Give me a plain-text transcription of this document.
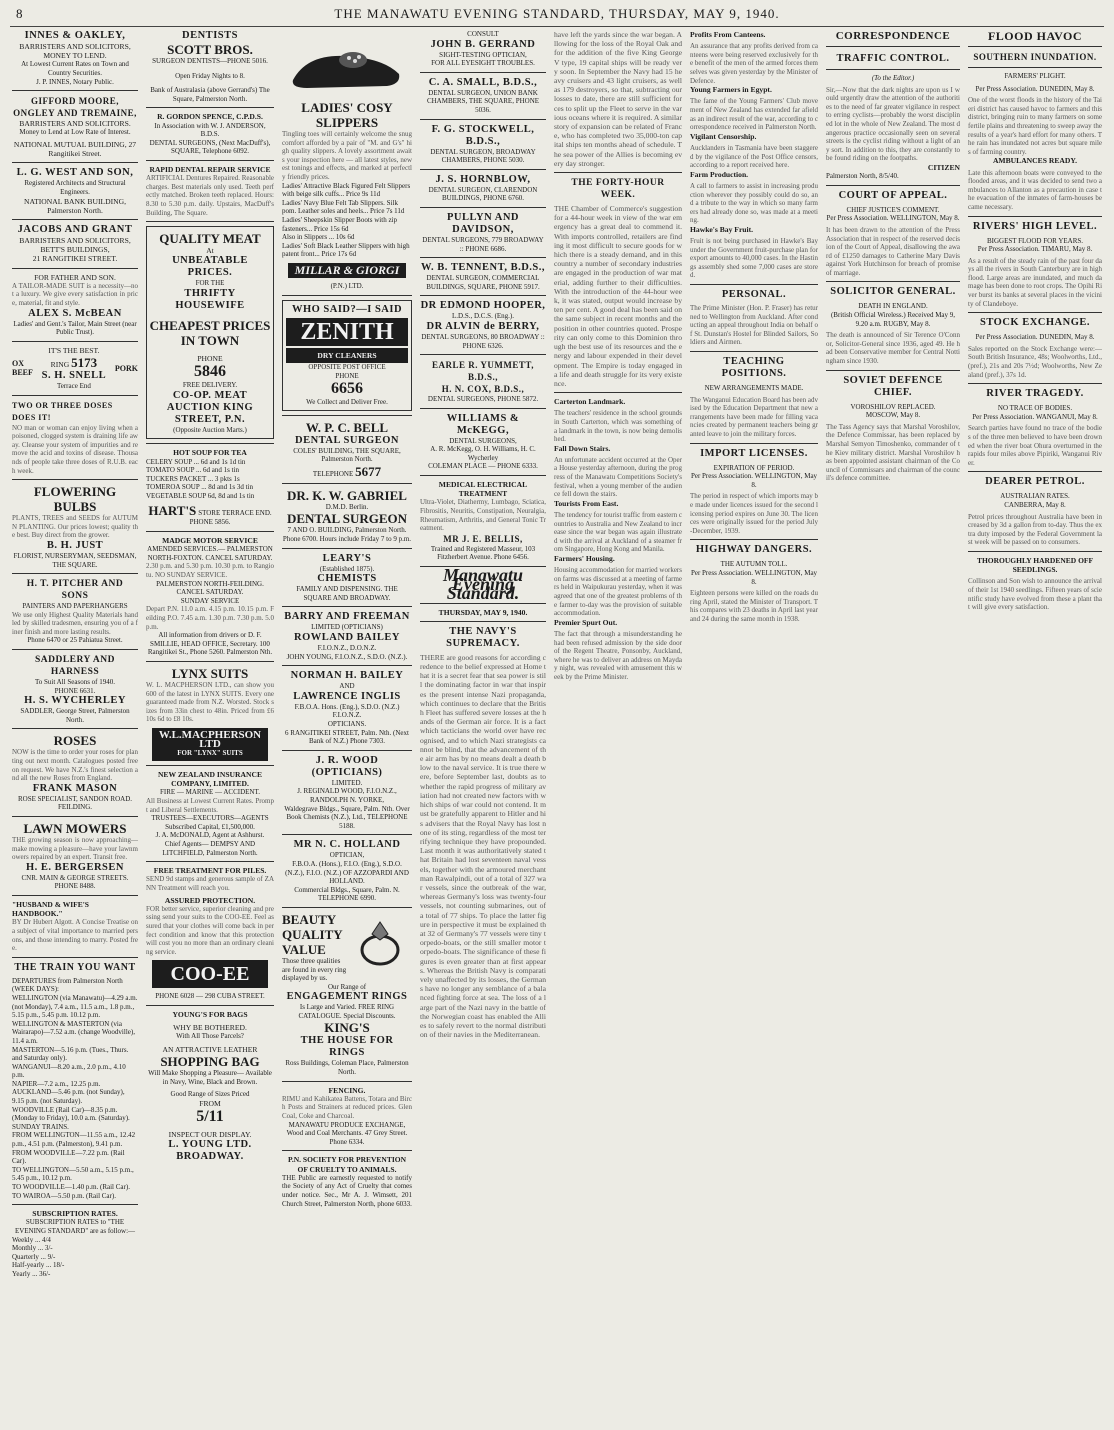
8	THE MANAWATU EVENING STANDARD, THURSDAY, MAY 9, 1940.
INNES & OAKLEY,
BARRISTERS AND SOLICITORS, MONEY TO LEND.
At Lowest Current Rates on Town and Country Securities.
J. P. INNES, Notary Public.
GIFFORD MOORE, ONGLEY AND TREMAINE,
BARRISTERS AND SOLICITORS.
Money to Lend at Low Rate of Interest.
NATIONAL MUTUAL BUILDING, 27 Rangitikei Street.
L. G. WEST AND SON,
Registered Architects and Structural Engineers.
NATIONAL BANK BUILDING, Palmerston North.
JACOBS AND GRANT
BARRISTERS AND SOLICITORS,
BETT'S BUILDINGS,
21 RANGITIKEI STREET.
FOR FATHER AND SON.
A TAILOR-MADE SUIT is a necessity—not a luxury. We give every satisfaction in price, material, fit and style.
ALEX S. McBEAN
Ladies' and Gent.'s Tailor, Main Street (near Public Trust).
OX
BEEF
IT'S THE BEST.
RING 5173
S. H. SNELL
Terrace End
PORK
TWO OR THREE DOSES DOES IT!
NO man or woman can enjoy living when a poisoned, clogged system is draining life away. Cleanse your system of impurities and remove the acid and toxins of disease. Thousands of people take three doses of R.U.B. each week.
FLOWERING BULBS
PLANTS, TREES and SEEDS for AUTUMN PLANTING. Our prices lowest; quality the best. Buy direct from the grower.
B. H. JUST
FLORIST, NURSERYMAN, SEEDSMAN, THE SQUARE.
H. T. PITCHER AND SONS
PAINTERS AND PAPERHANGERS
We use only Highest Quality Materials handled by skilled tradesmen, ensuring you of a finer finish and more lasting results.
Phone 6470 or 25 Pahiatua Street.
SADDLERY AND HARNESS
To Suit All Seasons of 1940.
PHONE 6631.
H. S. WYCHERLEY
SADDLER, George Street, Palmerston North.
ROSES
NOW is the time to order your roses for planting out next month. Catalogues posted free on request. We have N.Z.'s finest selection and all the new Roses from England.
FRANK MASON
ROSE SPECIALIST, SANDON ROAD. FEILDING.
LAWN MOWERS
THE growing season is now approaching—make mowing a pleasure—have your lawnmowers repaired by an expert. Transit free.
H. E. BERGERSEN
CNR. MAIN & GEORGE STREETS. PHONE 8488.
"HUSBAND & WIFE'S HANDBOOK."
BY Dr Hubert Algott. A Concise Treatise on a subject of vital importance to married persons, and those intending to marry. Posted free.
THE TRAIN YOU WANT
DEPARTURES from Palmerston North (WEEK DAYS):
WELLINGTON (via Manawatu)—4.29 a.m. (not Monday), 7.4 a.m., 11.5 a.m., 1.8 p.m., 5.15 p.m., 5.45 p.m. 10.12 p.m.
WELLINGTON & MASTERTON (via Wairarapo)—7.52 a.m. (change Woodville), 11.4 a.m.
MASTERTON—5.16 p.m. (Tues., Thurs. and Saturday only).
WANGANUI—8.20 a.m., 2.0 p.m., 4.10 p.m.
NAPIER—7.2 a.m., 12.25 p.m.
AUCKLAND—5.46 p.m. (not Sunday), 9.15 p.m. (not Saturday).
WOODVILLE (Rail Car)—8.35 p.m. (Monday to Friday), 10.0 a.m. (Saturday).
SUNDAY TRAINS.
FROM WELLINGTON—11.55 a.m., 12.42 p.m., 4.51 p.m. (Palmerston), 9.41 p.m.
FROM WOODVILLE—7.22 p.m. (Rail Car).
TO WELLINGTON—5.50 a.m., 5.15 p.m., 5.45 p.m., 10.12 p.m.
TO WOODVILLE—1.40 p.m. (Rail Car).
TO WAIROA—5.50 p.m. (Rail Car).
SUBSCRIPTION RATES.
SUBSCRIPTION RATES to "THE EVENING STANDARD" are as follow:—
Weekly ... 4/4
Monthly ... 3/-
Quarterly ... 9/-
Half-yearly ... 18/-
Yearly ... 36/-
DENTISTS
SCOTT BROS.
SURGEON DENTISTS—PHONE 5016.
Open Friday Nights to 8.
Bank of Australasia (above Gerrand's) The Square, Palmerston North.
R. GORDON SPENCE, C.P.D.S.
In Association with W. J. ANDERSON, B.D.S.
DENTAL SURGEONS, (Next MacDuff's), SQUARE, Telephone 6092.
RAPID DENTAL REPAIR SERVICE
ARTIFICIAL Dentures Repaired. Reasonable charges. Best materials only used. Teeth perfectly matched. Broken teeth replaced. Hours: 8.30 to 5.30 p.m. daily. Upstairs, MacDuff's Building, The Square.
QUALITY MEAT
At
UNBEATABLE PRICES.
FOR THE
THRIFTY HOUSEWIFE
CHEAPEST PRICES IN TOWN
PHONE
5846
FREE DELIVERY.
CO-OP. MEAT AUCTION KING STREET, P.N.
(Opposite Auction Marts.)
HOT SOUP FOR TEA
CELERY SOUP ... 6d and 1s 1d tin
TOMATO SOUP ... 6d and 1s tin
TUCKERS PACKET ... 3 pkts 1s
TOMEROA SOUP ... 8d and 1s 3d tin
VEGETABLE SOUP 6d, 8d and 1s tin
HART'S STORE TERRACE END.
PHONE 5856.
MADGE MOTOR SERVICE
AMENDED SERVICES.— PALMERSTON NORTH-FOXTON. CANCEL SATURDAY.
2.30 p.m. and 5.30 p.m. 10.30 p.m. to Rangiotu. NO SUNDAY SERVICE.
PALMERSTON NORTH-FEILDING. CANCEL SATURDAY.
SUNDAY SERVICE
Depart P.N. 11.0 a.m. 4.15 p.m. 10.15 p.m. Feilding P.O. 7.45 a.m. 1.30 p.m. 7.30 p.m. 5.0 p.m.
All information from drivers or D. F. SMILLIE, HEAD OFFICE, Secretary. 100 Rangitikei St., Phone 5260. Palmerston Nth.
LYNX SUITS
W. L. MACPHERSON LTD., can show you 600 of the latest in LYNX SUITS. Every one guaranteed made from N.Z. Worsted. Stock sizes from 33in chest to 48in. Priced from £6 10s 6d to £8 10s.
W.L.MACPHERSON LTD
FOR "LYNX" SUITS
NEW ZEALAND INSURANCE COMPANY, LIMITED.
FIRE — MARINE — ACCIDENT.
All Business at Lowest Current Rates. Prompt and Liberal Settlements.
TRUSTEES—EXECUTORS—AGENTS
Subscribed Capital, £1,500,000.
J. A. McDONALD, Agent at Ashhurst.
Chief Agents— DEMPSY AND LITCHFIELD, Palmerston North.
FREE TREATMENT FOR PILES.
SEND 9d stamps and generous sample of ZANN Treatment will reach you.
ASSURED PROTECTION.
FOR better service, superior cleaning and pressing send your suits to the COO-EE. Feel assured that your clothes will come back in perfect condition and know that this protection will cost you no more than an ordinary cleaning service.
COO-EE
PHONE 6028 — 298 CUBA STREET.
YOUNG'S FOR BAGS
WHY BE BOTHERED.
With All Those Parcels?
AN ATTRACTIVE LEATHER
SHOPPING BAG
Will Make Shopping a Pleasure— Available in Navy, Wine, Black and Brown.
Good Range of Sizes Priced
FROM
5/11
INSPECT OUR DISPLAY.
L. YOUNG LTD. BROADWAY.
LADIES' COSY SLIPPERS
Tingling toes will certainly welcome the snug comfort afforded by a pair of "M. and G's" high quality slippers. A lovely assortment awaits your inspection here — all latest styles, newest tonings and effects, and marked at perfectly friendly prices.
Ladies' Attractive Black Figured Felt Slippers with beige silk cuffs... Price 9s 11d
Ladies' Navy Blue Felt Tab Slippers. Silk pom. Leather soles and heels... Price 7s 11d
Ladies' Sheepskin Slipper Boots with zip fasteners... Price 15s 6d
Also in Slippers ... 10s 6d
Ladies' Soft Black Leather Slippers with high patent front... Price 17s 6d
MILLAR & GIORGI
(P.N.) LTD.
WHO SAID?—I SAID
ZENITH
DRY CLEANERS
OPPOSITE POST OFFICE
PHONE
6656
We Collect and Deliver Free.
W. P. C. BELL
DENTAL SURGEON
COLES' BUILDING, THE SQUARE, Palmerston North.
TELEPHONE 5677
DR. K. W. GABRIEL
D.M.D. Berlin.
DENTAL SURGEON
7 AND O. BUILDING, Palmerston North. Phone 6700. Hours include Friday 7 to 9 p.m.
LEARY'S
(Established 1875).
CHEMISTS
FAMILY AND DISPENSING. THE SQUARE AND BROADWAY.
BARRY AND FREEMAN
LIMITED (OPTICIANS)
ROWLAND BAILEY
F.I.O.N.Z., D.O.N.Z.
JOHN YOUNG, F.I.O.N.Z., S.D.O. (N.Z.).
NORMAN H. BAILEY
AND
LAWRENCE INGLIS
F.B.O.A. Hons. (Eng.), S.D.O. (N.Z.) F.I.O.N.Z.
OPTICIANS.
6 RANGITIKEI STREET, Palm. Nth. (Next Bank of N.Z.) Phone 7303.
J. R. WOOD (OPTICIANS)
LIMITED.
J. REGINALD WOOD, F.I.O.N.Z.,
RANDOLPH N. YORKE,
Waldegrave Bldgs., Square, Palm. Nth. Over Book Chemists (N.Z.), Ltd., TELEPHONE 5188.
MR N. C. HOLLAND
OPTICIAN,
F.B.O.A. (Hons.), F.I.O. (Eng.), S.D.O. (N.Z.), F.I.O. (N.Z.) OF AZZOPARDI AND HOLLAND.
Commercial Bldgs., Square, Palm. N. TELEPHONE 6990.
BEAUTY QUALITY VALUE
Those three qualities are found in every ring displayed by us.
Our Range of
ENGAGEMENT RINGS
Is Large and Varied. FREE RING CATALOGUE. Special Discounts.
KING'S
THE HOUSE FOR RINGS
Ross Buildings, Coleman Place, Palmerston North.
FENCING.
RIMU and Kahikatea Battens, Totara and Birch Posts and Strainers at reduced prices. Glen Coal, Coke and Charcoal.
MANAWATU PRODUCE EXCHANGE,
Wood and Coal Merchants. 47 Grey Street. Phone 6334.
P.N. SOCIETY FOR PREVENTION OF CRUELTY TO ANIMALS.
THE Public are earnestly requested to notify the Society of any Act of Cruelty that comes under notice. Sec., Mr A. J. Wimsett, 201 Church Street, Palmerston North, phone 6033.
CONSULT
JOHN B. GERRAND
SIGHT-TESTING OPTICIAN,
FOR ALL EYESIGHT TROUBLES.
C. A. SMALL, B.D.S.,
DENTAL SURGEON, UNION BANK CHAMBERS, THE SQUARE, PHONE 5036.
F. G. STOCKWELL, B.D.S.,
DENTAL SURGEON, BROADWAY CHAMBERS, PHONE 5030.
J. S. HORNBLOW,
DENTAL SURGEON, CLARENDON BUILDINGS, PHONE 6760.
PULLYN AND DAVIDSON,
DENTAL SURGEONS, 779 BROADWAY :: PHONE 6686.
W. B. TENNENT, B.D.S.,
DENTAL SURGEON, COMMERCIAL BUILDINGS, SQUARE, PHONE 5917.
DR EDMOND HOOPER,
L.D.S., D.C.S. (Eng.).
DR ALVIN de BERRY,
DENTAL SURGEONS, 80 BROADWAY :: PHONE 6326.
EARLE R. YUMMETT, B.D.S.,
H. N. COX, B.D.S.,
DENTAL SURGEONS, PHONE 5872.
WILLIAMS & McKEGG,
DENTAL SURGEONS,
A. R. McKegg, O. H. Williams, H. C. Wycherley
COLEMAN PLACE — PHONE 6333.
MEDICAL ELECTRICAL TREATMENT
Ultra-Violet, Diathermy, Lumbago, Sciatica, Fibrositis, Neuritis, Constipation, Neuralgia, Rheumatism, Arthritis, and General Tonic Treatment.
MR J. E. BELLIS,
Trained and Registered Masseur, 103 Fitzherbert Avenue. Phone 6456.
Manawatu Evening Standard.
THURSDAY, MAY 9, 1940.
THE NAVY'S SUPREMACY.
THERE are good reasons for according credence to the belief expressed at Home that it is a secret fear that sea power is still the dominating factor in war that inspires the present intense Nazi propaganda, which continues to declare that the British Fleet has suffered severe losses at the hands of the German air force. It is a fact which tacticians the world over have recognised, and to which Nazi strategists cannot be blind, that the advancement of the air arm has by no means dealt a death blow to the naval service. It is true there were, before September last, doubts as to whether the rapid progress of military aviation had not created new factors with which ships of war could not contend. It must be gratefully apparent to Hitler and his advisers that the Royal Navy has lost none of its sting, regardless of the most terrifying technique they have propounded. Last month it was authoritatively stated that Britain had lost seventeen naval vessels, together with the armoured merchantman Rawalpindi, out of a total of 327 war vessels, since the outbreak of the war, whereas Germany's loss was twenty-four vessels, not counting submarines, out of a total of 77 ships. To place the latter figure in perspective it must be explained that 32 of Germany's 77 vessels were tiny torpedo-boats, or the still smaller motor torpedo-boats. The significance of these figures is even greater than at first appears. Whereas the British Navy is comparatively unaffected by its losses, the Germans have no longer any semblance of a balanced fighting force at sea. The loss of a large part of the Nazi navy in the battle of the Norwegian coast has enabled the Allies to safely revert to the normal distribution of their navies in the Mediterranean.
have left the yards since the war began. Allowing for the loss of the Royal Oak and for the addition of the five King George V type, 19 capital ships will be ready very soon. In September the Navy had 15 heavy cruisers and 43 light cruisers, as well as 179 destroyers, so that, subtracting our losses to date, there are still sufficient forces to split up the Fleet to serve in the various oceans where it is required. A similar story of expansion can be related of France, who has completed two 35,000-ton capital ships ten months ahead of schedule. The sea power of the Allies is becoming every day stronger.
THE FORTY-HOUR WEEK.
THE Chamber of Commerce's suggestion for a 44-hour week in view of the war emergency has a great deal to commend it. With imports controlled, retailers are finding it most difficult to secure goods for which there is a steady demand, and in this country a number of secondary industries are engaged in the production of war material, adding further to their difficulties. With the introduction of the 44-hour week, it was stated, output would increase by ten per cent. A good deal has been said on the same subject in recent months and the position in other countries quoted. Prosperity can only come to this Dominion through the best use of its resources and the energy and labour expended in their development. The Empire is today engaged in a life and death struggle for its very existence.
Carterton Landmark.
The teachers' residence in the school grounds in South Carterton, which was something of a landmark in the town, is now being demolished.
Fall Down Stairs.
An unfortunate accident occurred at the Opera House yesterday afternoon, during the progress of the Manawatu Competitions Society's festival, when a young member of the audience fell down the stairs.
Tourists From East.
The tendency for tourist traffic from eastern countries to Australia and New Zealand to increase since the war began was again illustrated with the arrival at Auckland of a steamer from Singapore, Hong Kong and Manila.
Farmers' Housing.
Housing accommodation for married workers on farms was discussed at a meeting of farmers held in Waipukurau yesterday, when it was agreed that one of the greatest problems of the farmer to-day was the provision of suitable accommodation.
Premier Spurt Out.
The fact that through a misunderstanding he had been refused admission by the side door of the Regent Theatre, Ponsonby, Auckland, where he was to deliver an address on Mayday night, was revealed with amusement this week by the Prime Minister.
Profits From Canteens.
An assurance that any profits derived from canteens were being reserved exclusively for the benefit of the men of the armed forces themselves was given yesterday by the Minister of Defence.
Young Farmers in Egypt.
The fame of the Young Farmers' Club movement of New Zealand has extended far afield as an indirect result of the war, according to correspondence received in Palmerston North.
Vigilant Censorship.
Aucklanders in Tasmania have been staggered by the vigilance of the Post Office censors, according to a report received here.
Farm Production.
A call to farmers to assist in increasing production wherever they possibly could do so, and a tribute to the way in which so many farmers had already done so, was made at a meeting.
Hawke's Bay Fruit.
Fruit is not being purchased in Hawke's Bay under the Government fruit-purchase plan for export amounts to 40,000 cases. In the Hastings assembly shed some 7,000 cases are stored.
PERSONAL.
The Prime Minister (Hon. P. Fraser) has returned to Wellington from Auckland. After conducting an appeal throughout India on behalf of St. Dunstan's Hostel for Blinded Sailors, Soldiers and Airmen.
TEACHING POSITIONS.
NEW ARRANGEMENTS MADE.
The Wanganui Education Board has been advised by the Education Department that new arrangements have been made for filling vacancies created by permanent teachers being granted leave to join the military forces.
IMPORT LICENSES.
EXPIRATION OF PERIOD.
Per Press Association. WELLINGTON, May 8.
The period in respect of which imports may be made under licences issued for the second licensing period expires on June 30. The licences were originally issued for the period July-December, 1939.
HIGHWAY DANGERS.
THE AUTUMN TOLL.
Per Press Association. WELLINGTON, May 8.
Eighteen persons were killed on the roads during April, stated the Minister of Transport. This compares with 23 deaths in April last year and 24 during the same month in 1938.
CORRESPONDENCE
TRAFFIC CONTROL.
(To the Editor.)
Sir,—Now that the dark nights are upon us I would urgently draw the attention of the authorities to the need of far greater vigilance in respect to erring cyclists—probably the worst disciplined lot in the whole of New Zealand. The most dangerous practice occasionally seen on several streets is the cyclist riding without a light of any sort. In addition to this, they are constantly to be found riding on the footpaths.
CITIZEN
Palmerston North, 8/5/40.
COURT OF APPEAL.
CHIEF JUSTICE'S COMMENT.
Per Press Association. WELLINGTON, May 8.
It has been drawn to the attention of the Press Association that in respect of the reserved decision of the Court of Appeal, disallowing the award of £1250 damages to Catherine Mary Davis against York Hutchinson for breach of promise of marriage.
SOLICITOR GENERAL.
DEATH IN ENGLAND.
(British Official Wireless.) Received May 9, 9.20 a.m. RUGBY, May 8.
The death is announced of Sir Terence O'Connor, Solicitor-General since 1936, aged 49. He had been Conservative member for Central Nottingham since 1930.
SOVIET DEFENCE CHIEF.
VOROSHILOV REPLACED.
MOSCOW, May 8.
The Tass Agency says that Marshal Voroshilov, the Defence Commissar, has been replaced by Marshal Semyon Timoshenko, commander of the Kiev military district. Marshal Voroshilov has been appointed assistant chairman of the Council of Commissars and chairman of the council's defence committee.
FLOOD HAVOC
SOUTHERN INUNDATION.
FARMERS' PLIGHT.
Per Press Association. DUNEDIN, May 8.
One of the worst floods in the history of the Taieri district has caused havoc to farmers and this district, bringing ruin to many farmers on some fertile plains and threatening to sweep away the results of a year's hard effort for many others. The rain has inundated not acres but square miles of farming country.
AMBULANCES READY.
Late this afternoon boats were conveyed to the flooded areas, and it was decided to send two ambulances to Allanton as a precaution in case the evacuation of the inmates of farm-houses became necessary.
RIVERS' HIGH LEVEL.
BIGGEST FLOOD FOR YEARS.
Per Press Association. TIMARU, May 8.
As a result of the steady rain of the past four days all the rivers in South Canterbury are in high flood. Large areas are inundated, and much damage has been done to root crops. The Opihi River burst its banks at several places in the vicinity of Clandeboye.
STOCK EXCHANGE.
Per Press Association. DUNEDIN, May 8.
Sales reported on the Stock Exchange were:—South British Insurance, 48s; Woolworths, Ltd., (pref.), 21s and 20s 7½d; Woolworths, New Zealand (pref.), 37s 1d.
RIVER TRAGEDY.
NO TRACE OF BODIES.
Per Press Association. WANGANUI, May 8.
Search parties have found no trace of the bodies of the three men believed to have been drowned when the river boat Ohura overturned in the rapids four miles above Pipiriki, Wanganui River.
DEARER PETROL.
AUSTRALIAN RATES.
CANBERRA, May 8.
Petrol prices throughout Australia have been increased by 3d a gallon from to-day. Thus the extra duty imposed by the Federal Government last week will be passed on to consumers.
THOROUGHLY HARDENED OFF SEEDLINGS.
Collinson and Son wish to announce the arrival of their 1st 1940 seedlings. Fifteen years of scientific study have evolved from these a plant that will give every satisfaction.
